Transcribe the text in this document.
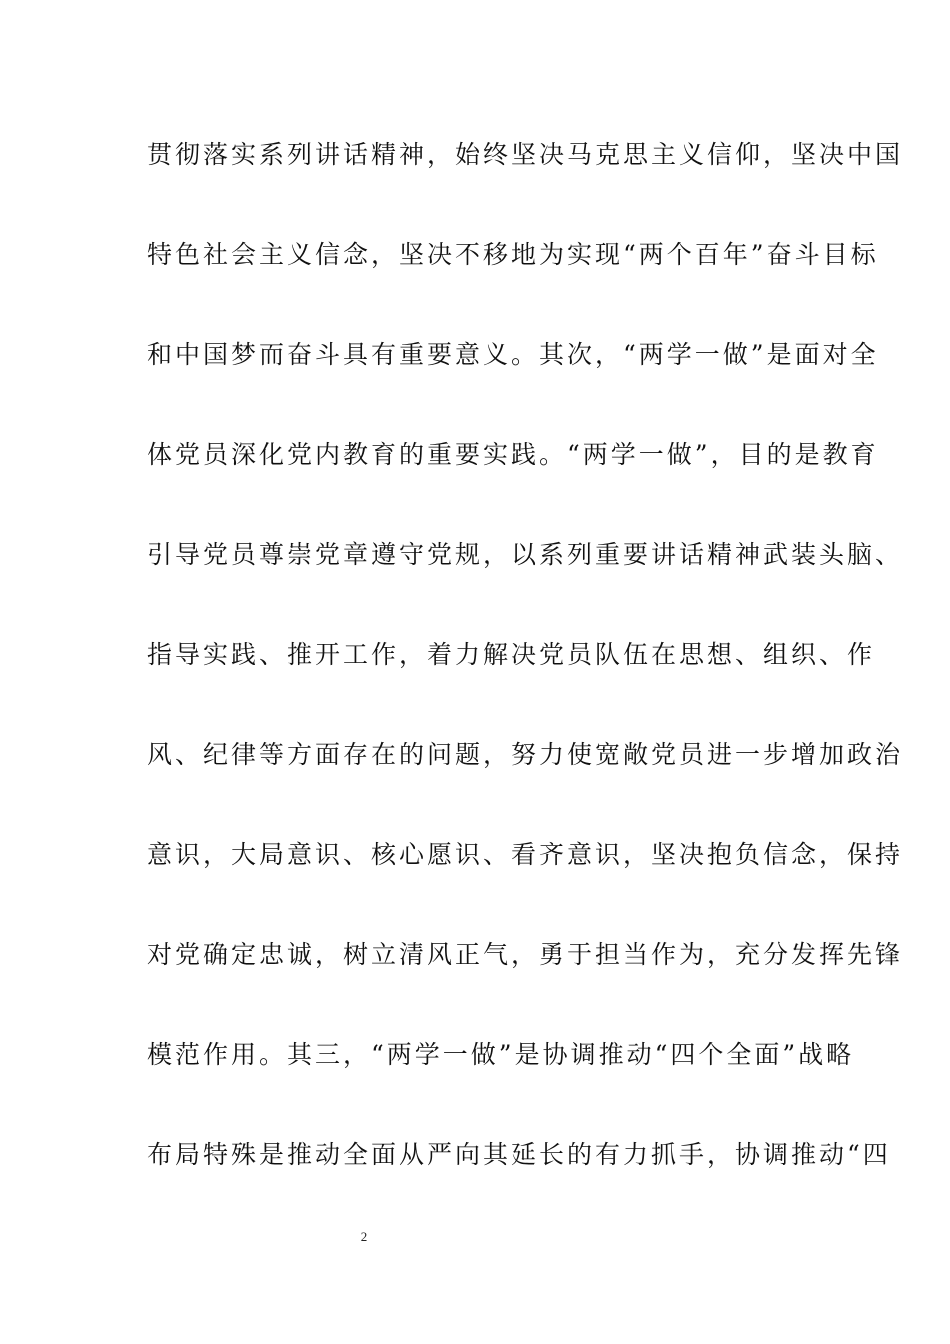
贯彻落实系列讲话精神，始终坚决马克思主义信仰，坚决中国
特色社会主义信念，坚决不移地为实现“两个百年”奋斗目标
和中国梦而奋斗具有重要意义。其次，“两学一做”是面对全
体党员深化党内教育的重要实践。“两学一做”，目的是教育
引导党员尊崇党章遵守党规，以系列重要讲话精神武装头脑、
指导实践、推开工作，着力解决党员队伍在思想、组织、作
风、纪律等方面存在的问题，努力使宽敞党员进一步增加政治
意识，大局意识、核心愿识、看齐意识，坚决抱负信念，保持
对党确定忠诚，树立清风正气，勇于担当作为，充分发挥先锋
模范作用。其三，“两学一做”是协调推动“四个全面”战略
布局特殊是推动全面从严向其延长的有力抓手，协调推动“四
2
